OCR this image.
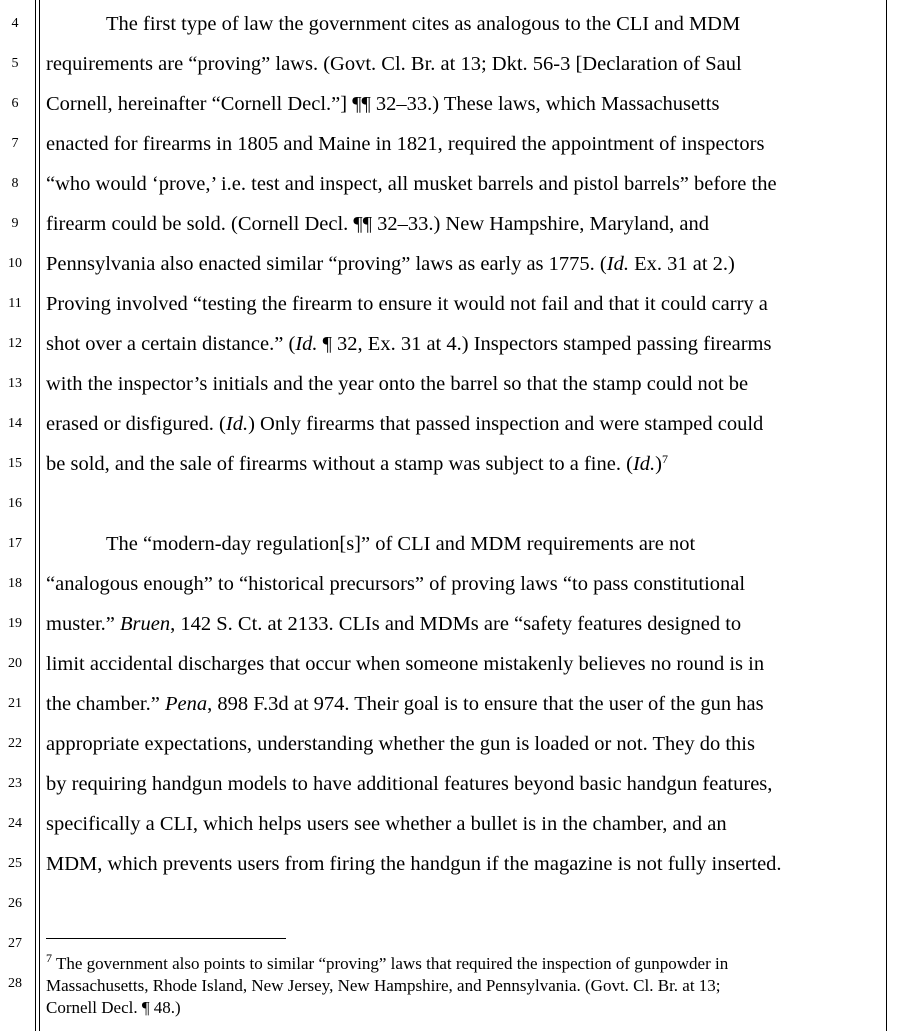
4
5
6
7
8
9
10
11
12
13
14
15
16
17
18
19
20
21
22
23
24
25
26
27
28
The first type of law the government cites as analogous to the CLI and MDM
requirements are “proving” laws. (Govt. Cl. Br. at 13; Dkt. 56-3 [Declaration of Saul
Cornell, hereinafter “Cornell Decl.”] ¶¶ 32–33.) These laws, which Massachusetts
enacted for firearms in 1805 and Maine in 1821, required the appointment of inspectors
“who would ‘prove,’ i.e. test and inspect, all musket barrels and pistol barrels” before the
firearm could be sold. (Cornell Decl. ¶¶ 32–33.) New Hampshire, Maryland, and
Pennsylvania also enacted similar “proving” laws as early as 1775. (Id. Ex. 31 at 2.)
Proving involved “testing the firearm to ensure it would not fail and that it could carry a
shot over a certain distance.” (Id. ¶ 32, Ex. 31 at 4.) Inspectors stamped passing firearms
with the inspector’s initials and the year onto the barrel so that the stamp could not be
erased or disfigured. (Id.) Only firearms that passed inspection and were stamped could
be sold, and the sale of firearms without a stamp was subject to a fine. $(Id.)^7$
The “modern-day regulation[s]” of CLI and MDM requirements are not
“analogous enough” to “historical precursors” of proving laws “to pass constitutional
muster.” Bruen, 142 S. Ct. at 2133. CLIs and MDMs are “safety features designed to
limit accidental discharges that occur when someone mistakenly believes no round is in
the chamber.” Pena, 898 F.3d at 974. Their goal is to ensure that the user of the gun has
appropriate expectations, understanding whether the gun is loaded or not. They do this
by requiring handgun models to have additional features beyond basic handgun features,
specifically a CLI, which helps users see whether a bullet is in the chamber, and an
MDM, which prevents users from firing the handgun if the magazine is not fully inserted.
$^7$ The government also points to similar “proving” laws that required the inspection of gunpowder in
Massachusetts, Rhode Island, New Jersey, New Hampshire, and Pennsylvania. (Govt. Cl. Br. at 13;
Cornell Decl. ¶ 48.)
